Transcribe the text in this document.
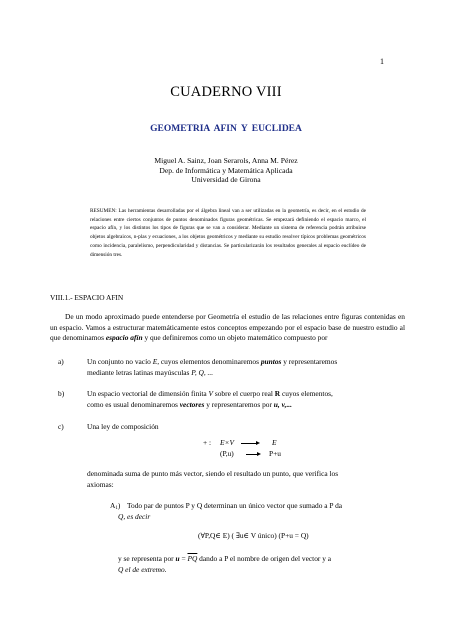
1
CUADERNO VIII
GEOMETRIA AFIN Y EUCLIDEA
Miguel A. Sainz, Joan Serarols, Anna M. Pérez
Dep. de Informática y Matemática Aplicada
Universidad de Girona
RESUMEN: Las herramientas desarrolladas por el álgebra lineal van a ser utilizadas en la geometría, es decir, en el estudio de relaciones entre ciertos conjuntos de puntos denominados figuras geométricas. Se empezará definiendo el espacio marco, el espacio afín, y los distintos los tipos de figuras que se van a considerar. Mediante un sistema de referencia podrán atribuirse objetos algebraicos, n-plas y ecuaciones, a los objetos geométricos y mediante su estudio resolver típicos problemas geométricos como incidencia, paralelismo, perpendicularidad y distancias. Se particularizarán los resultados generales al espacio euclídeo de dimensión tres.
VIII.1.- ESPACIO AFIN
De un modo aproximado puede entenderse por Geometría el estudio de las relaciones entre figuras contenidas en un espacio. Vamos a estructurar matemáticamente estos conceptos empezando por el espacio base de nuestro estudio al que denominamos espacio afín y que definiremos como un objeto matemático compuesto por
a)	Un conjunto no vacío E, cuyos elementos denominaremos puntos y representaremos
mediante letras latinas mayúsculas P, Q, ...
b)	Un espacio vectorial de dimensión finita V sobre el cuerpo real R cuyos elementos,
como es usual denominaremos vectores y representaremos por u, v,...
c)	Una ley de composición
+ : E×V	E
(P,u)	P+u
denominada suma de punto más vector, siendo el resultado un punto, que verifica los
axiomas:
A1) Todo par de puntos P y Q determinan un único vector que sumado a P da
Q, es decir
(∀P,Q∈ E) ( ∃u∈ V único) (P+u = Q)
y se representa por $u = \overline{PQ}$ dando a P el nombre de origen del vector y a
Q el de extremo.
